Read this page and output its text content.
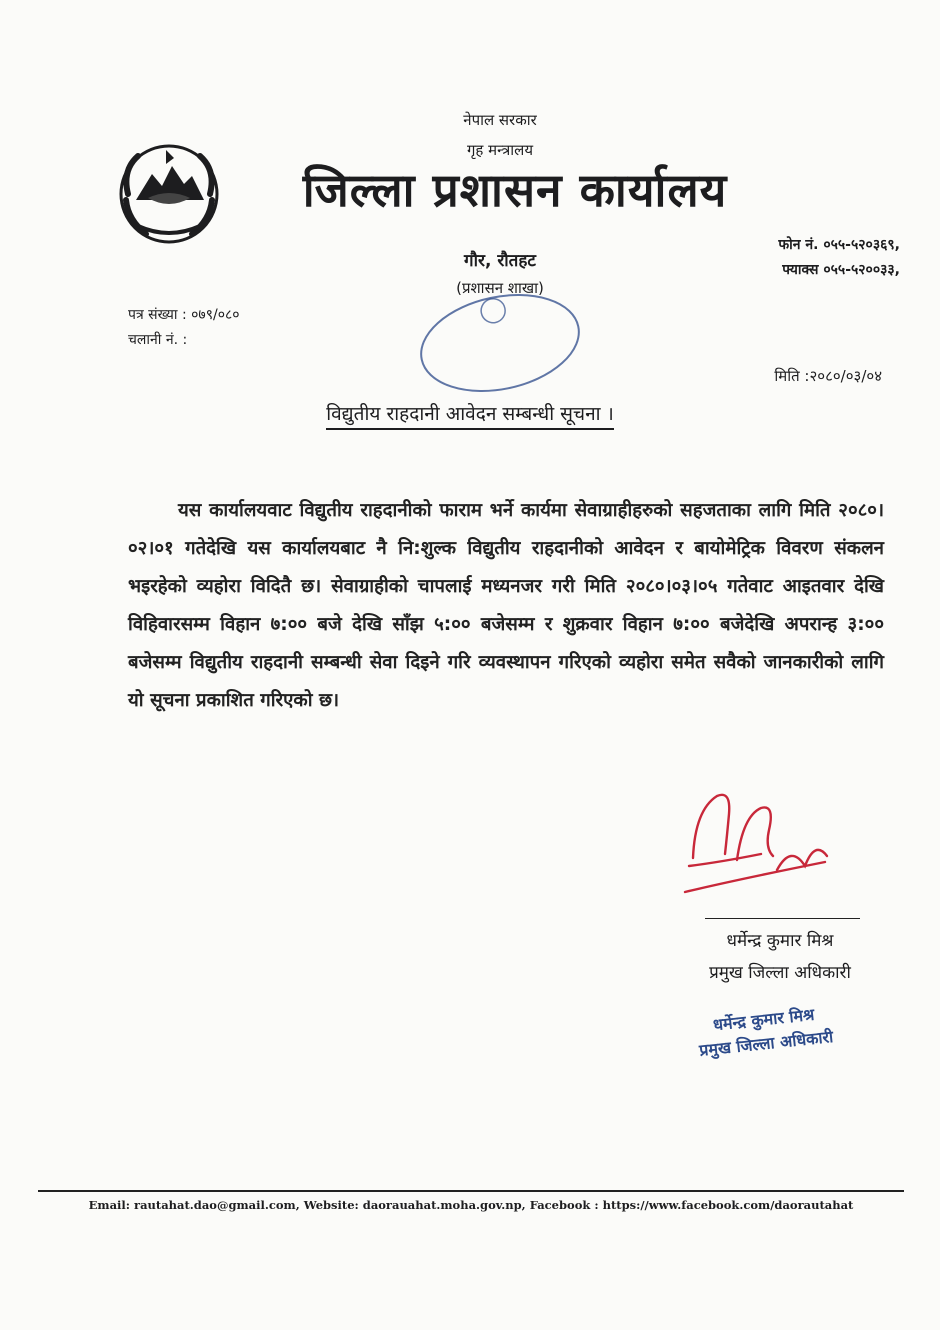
नेपाल सरकार
गृह मन्त्रालय
जिल्ला प्रशासन कार्यालय
गौर, रौतहट
(प्रशासन शाखा)
फोन नं. ०५५-५२०३६९,
फ्याक्स ०५५-५२००३३,
पत्र संख्या : ०७९/०८०
चलानी नं. :
मिति :२०८०/०३/०४
विद्युतीय राहदानी आवेदन सम्बन्धी सूचना ।

यस कार्यालयवाट विद्युतीय राहदानीको फाराम भर्ने कार्यमा सेवाग्राहीहरुको सहजताका लागि मिति २०८०।०२।०१ गतेदेखि यस कार्यालयबाट नै नि:शुल्क विद्युतीय राहदानीको आवेदन र बायोमेट्रिक विवरण संकलन भइरहेको व्यहोरा विदितै छ। सेवाग्राहीको चापलाई मध्यनजर गरी मिति २०८०।०३।०५ गतेवाट आइतवार देखि विहिवारसम्म विहान ७:०० बजे देखि साँझ ५:०० बजेसम्म र शुक्रवार विहान ७:०० बजेदेखि अपरान्ह ३:०० बजेसम्म विद्युतीय राहदानी सम्बन्धी सेवा दिइने गरि व्यवस्थापन गरिएको व्यहोरा समेत सवैको जानकारीको लागि यो सूचना प्रकाशित गरिएको छ।

धर्मेन्द्र कुमार मिश्र
प्रमुख जिल्ला अधिकारी
धर्मेन्द्र कुमार मिश्र
प्रमुख जिल्ला अधिकारी
Email: rautahat.dao@gmail.com, Website: daorauahat.moha.gov.np, Facebook : https://www.facebook.com/daorautahat
